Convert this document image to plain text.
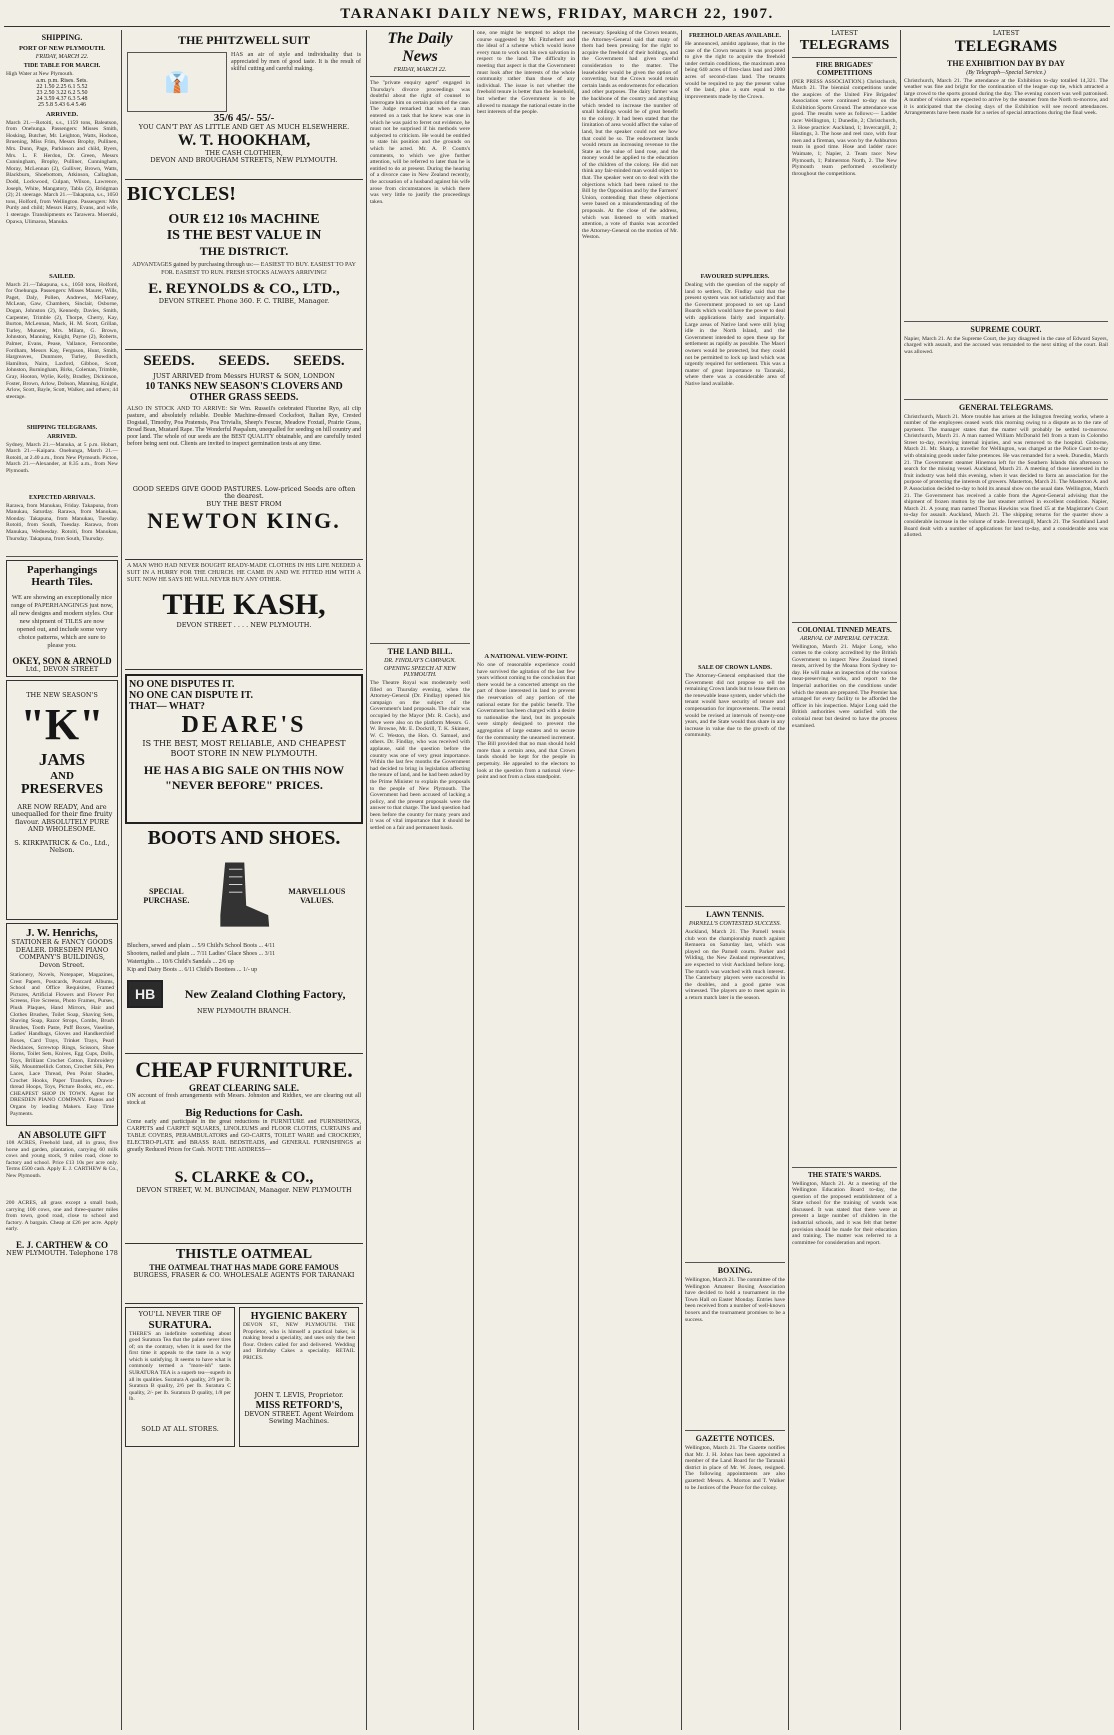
TARANAKI DAILY NEWS, FRIDAY, MARCH 22, 1907.
SHIPPING.
PORT OF NEW PLYMOUTH.
FRIDAY, MARCH 22.
TIDE TABLE FOR MARCH.
High Water at New Plymouth.
a.m. p.m. Rises. Sets.
22 1.50 2.25 6.1 5.52
23 2.50 3.22 6.2 5.50
24 3.59 4.37 6.3 5.48
25 5.8 5.43 6.4 5.46
ARRIVED.
March 21.—Rotoiti, s.s., 1159 tons, Baleatson, from Onehunga. Passengers: Misses Smith, Hosking, Butcher, Mr. Leighton, Watts, Hodson, Bruening, Miss Frim, Messrs Brophy, Pullinen, Mrs. Dunn, Page, Parkinson and child, Byers, Mrs. L. F. Herdon, Dr. Green, Messrs Cunningham, Brophy, Pulliner, Cunningham, Moray, McLennan (2), Gulliver, Brown, Watts, Blackburn, Shoebottom, Atkinson, Callaghan, Dodd, Lockwood, Culpan, Wilson, Lawrence, Joseph, White, Mangatory, Tabla (2), Bridgman (2); 21 steerage. March 21.—Takapuna, s.s., 1050 tons, Holford, from Wellington. Passengers: Mrs Purdy and child; Messrs Harry, Evans, and wife, 1 steerage. Transhipments ex Tarawera. Moeraki, Opawa, Ulimaroa, Manuka.
SAILED.
March 21.—Takapuna, s.s., 1050 tons, Holford, for Onehunga. Passengers: Misses Maurer, Wills, Paget, Daly, Pollen, Andrews, McFlaney, McLean, Gaw, Chambers, Sinclair, Osborne, Dogan, Johnston (2), Kennedy, Davies, Smith, Carpenter, Trimble (2), Thorpe, Cherry, Kay, Burton, McLennan, Mack, H. M. Scott, Grillan, Turley, Munster, Mrs. Milam, G. Brown, Johnston, Manning, Knight, Payne (2), Roberts, Palmer, Evans, Pease, Vallance, Ferncombe, Fordham, Messrs Kay, Ferguson, Hunt, Smith, Hargreaves, Dunmore, Turley, Bowditch, Hamilton, Nairn, Laxford, Gibbon, Scott, Johnston, Burningham, Birks, Coleman, Trimble, Gray, Hooton, Wylie, Kelly, Bradley, Dickinson, Foster, Brown, Arlow, Dobson, Manning, Knight, Arlow, Scott, Bayle, Scott, Walker, and others; 44 steerage.
SHIPPING TELEGRAMS.
ARRIVED.
Sydney, March 21.—Manuka, at 5 p.m. Hobart, March 21.—Kaipara. Onehunga, March 21.—Rotoiti, at 2.40 a.m., from New Plymouth. Picton, March 21.—Alexander, at 8.35 a.m., from New Plymouth.
EXPECTED ARRIVALS.
Rarawa, from Manukau, Friday. Takapuna, from Manukau, Saturday. Rarawa, from Manukau, Monday. Takapuna, from Manukau, Tuesday. Rotoiti, from South, Tuesday. Rarawa, from Manukau, Wednesday. Rotoiti, from Manukau, Thursday. Takapuna, from South, Thursday.
Paperhangings
Hearth Tiles.
WE are showing an exceptionally nice range of PAPERHANGINGS just now, all new designs and modern styles. Our new shipment of TILES are now opened out, and include some very choice patterns, which are sure to please you.
OKEY, SON & ARNOLD
Ltd., DEVON STREET
THE NEW SEASON'S
"K"
JAMS
AND
PRESERVES
ARE NOW READY, And are unequalled for their fine fruity flavour. ABSOLUTELY PURE AND WHOLESOME.
S. KIRKPATRICK & Co., Ltd., Nelson.
J. W. Henrichs,
STATIONER & FANCY GOODS DEALER. DRESDEN PIANO COMPANY'S BUILDINGS, Devon Street.
Stationery, Novels, Notepaper, Magazines, Crest Papers, Postcards, Postcard Albums, School and Office Requisites, Framed Pictures, Artificial Flowers and Flower Pot Screens, Fire Screens, Photo Frames, Purses, Plush Plaques, Hand Mirrors, Hair and Clothes Brushes, Toilet Soap, Shaving Sets, Shaving Soap, Razor Strops, Combs, Brush Brushes, Tooth Paste, Puff Boxes, Vaseline, Ladies' Handbags, Gloves and Handkerchief Boxes, Card Trays, Trinket Trays, Pearl Necklaces, Screwtop Rings, Scissors, Shoe Horns, Toilet Sets, Knives, Egg Cups, Dolls, Toys, Brilliant Crochet Cotton, Embroidery Silk, Mountmellick Cotton, Crochet Silk, Pen Laces, Lace Thread, Pen Point Shades, Crochet Hooks, Paper Transfers, Drawn-thread Hoops, Toys, Picture Books, etc., etc. CHEAPEST SHOP IN TOWN. Agent for DRESDEN PIANO COMPANY. Pianos and Organs by leading Makers. Easy Time Payments.
AN ABSOLUTE GIFT
108 ACRES, Freehold land, all in grass, five horse and garden, plantation, carrying 60 milk cows and young stock, 9 miles road, close to factory and school. Price £13 10s per acre only. Terms £500 cash. Apply E. J. CARTHEW & Co., New Plymouth.
200 ACRES, all grass except a small bush, carrying 100 cows, one and three-quarter miles from town, good road, close to school and factory. A bargain. Cheap at £26 per acre. Apply early.
E. J. CARTHEW & CO
NEW PLYMOUTH. Telephone 178
THE PHITZWELL SUIT
👔
HAS an air of style and individuality that is appreciated by men of good taste. It is the result of skilful cutting and careful making.
35/6 45/- 55/-
YOU CAN'T PAY AS LITTLE AND GET AS MUCH ELSEWHERE.
W. T. HOOKHAM,
THE CASH CLOTHIER,
DEVON AND BROUGHAM STREETS, NEW PLYMOUTH.
BICYCLES!
OUR £12 10s MACHINE
IS THE BEST VALUE IN
THE DISTRICT.
ADVANTAGES gained by purchasing through us:— EASIEST TO BUY. EASIEST TO PAY FOR. EASIEST TO RUN. FRESH STOCKS ALWAYS ARRIVING!
E. REYNOLDS & CO., LTD.,
DEVON STREET. Phone 360. F. C. TRIBE, Manager.
SEEDS. SEEDS. SEEDS.
JUST ARRIVED from Messrs HURST & SON, LONDON
10 TANKS NEW SEASON'S CLOVERS AND OTHER GRASS SEEDS.
ALSO IN STOCK AND TO ARRIVE: Sir Wm. Russell's celebrated Fluorine Ryo, all clip pasture, and absolutely reliable. Double Machine-dressed Cocksfoot, Italian Rye, Crested Dogstail, Timothy, Poa Pratensis, Poa Trivialis, Sheep's Fescue, Meadow Foxtail, Prairie Grass, Broad Bean, Mustard Rape. The Wonderful Paspalum, unequalled for seeding on hill country and poor land. The whole of our seeds are the BEST QUALITY obtainable, and are carefully tested before being sent out. Clients are invited to inspect germination tests at any time.
GOOD SEEDS GIVE GOOD PASTURES. Low-priced Seeds are often the dearest.
BUY THE BEST FROM
NEWTON KING.
A MAN WHO HAD NEVER BOUGHT READY-MADE CLOTHES IN HIS LIFE NEEDED A SUIT IN A HURRY FOR THE CHURCH. HE CAME IN AND WE FITTED HIM WITH A SUIT. NOW HE SAYS HE WILL NEVER BUY ANY OTHER.
THE KASH,
DEVON STREET . . . . NEW PLYMOUTH.
NO ONE DISPUTES IT.
NO ONE CAN DISPUTE IT.
THAT— WHAT?
DEARE'S
IS THE BEST, MOST RELIABLE, AND CHEAPEST BOOT STORE IN NEW PLYMOUTH.
HE HAS A BIG SALE ON THIS NOW "NEVER BEFORE" PRICES.
BOOTS AND SHOES.
SPECIAL PURCHASE.
MARVELLOUS VALUES.
Bluchers, sewed and plain ... 5/9 Child's School Boots ... 4/11
Shooters, nailed and plain ... 7/11 Ladies' Glace Shoes ... 3/11
Watertights ... 10/6 Child's Sandals ... 2/6 up
Kip and Dairy Boots ... 6/11 Child's Boottees ... 1/- up
HB	New Zealand Clothing Factory,
NEW PLYMOUTH BRANCH.
CHEAP FURNITURE.
GREAT CLEARING SALE.
ON account of fresh arrangements with Messrs. Johnston and Riddiex, we are clearing out all stock at
Big Reductions for Cash.
Come early and participate in the great reductions in FURNITURE and FURNISHINGS, CARPETS and CARPET SQUARES, LINOLEUMS and FLOOR CLOTHS, CURTAINS and TABLE COVERS, PERAMBULATORS and GO-CARTS, TOILET WARE and CROCKERY, ELECTRO-PLATE and BRASS RAIL BEDSTEADS, and GENERAL FURNISHINGS at greatly Reduced Prices for Cash. NOTE THE ADDRESS—
S. CLARKE & CO.,
DEVON STREET, W. M. BUNCIMAN, Manager. NEW PLYMOUTH
THISTLE OATMEAL
THE OATMEAL THAT HAS MADE GORE FAMOUS
BURGESS, FRASER & CO. WHOLESALE AGENTS FOR TARANAKI
YOU'LL NEVER TIRE OF
SURATURA.
THERE'S an indefinite something about good Suratura Tea that the palate never tires of; on the contrary, when it is used for the first time it appeals to the taste in a way which is satisfying. It seems to have what is commonly termed a "more-ish" taste. SURATURA TEA is a superb tea—superb in all its qualities. Suratura A quality, 2/9 per lb. Suratura B quality, 2/6 per lb. Suratura C quality, 2/- per lb. Suratura D quality, 1/8 per lb.
SOLD AT ALL STORES.
HYGIENIC BAKERY
DEVON ST., NEW PLYMOUTH. THE Proprietor, who is himself a practical baker, is making bread a speciality, and uses only the best flour. Orders called for and delivered. Wedding and Birthday Cakes a speciality. RETAIL PRICES.
JOHN T. LEVIS, Proprietor.
MISS RETFORD'S,
DEVON STREET. Agent Weirdom Sewing Machines.
The Daily News
FRIDAY, MARCH 22.
The "private enquiry agent" engaged in Thursday's divorce proceedings was doubtful about the right of counsel to interrogate him on certain points of the case. The Judge remarked that when a man entered on a task that he knew was one in which he was paid to ferret out evidence, he must not be surprised if his methods were subjected to criticism. He would be entitled to state his position and the grounds on which he acted. Mr. A. P. Coutts's comments, to which we give further attention, will be referred to later than he is entitled to do at present. During the hearing of a divorce case in New Zealand recently, the accusation of a husband against his wife arose from circumstances in which there was very little to justify the proceedings taken.
THE LAND BILL.
DR. FINDLAY'S CAMPAIGN.
OPENING SPEECH AT NEW PLYMOUTH.
The Theatre Royal was moderately well filled on Thursday evening, when the Attorney-General (Dr. Findlay) opened his campaign on the subject of the Government's land proposals. The chair was occupied by the Mayor (Mr. R. Cock), and there were also on the platform Messrs. G. W. Browne, Mr. E. Dockrill, T. K. Skinner, W. C. Weston, the Hon. O. Samuel, and others. Dr. Findlay, who was received with applause, said the question before the country was one of very great importance. Within the last few months the Government had decided to bring in legislation affecting the tenure of land, and he had been asked by the Prime Minister to explain the proposals to the people of New Plymouth. The Government had been accused of lacking a policy, and the present proposals were the answer to that charge. The land question had been before the country for many years and it was of vital importance that it should be settled on a fair and permanent basis.
one, one might be tempted to adopt the course suggested by Mr. Fitzherbert and the ideal of a scheme which would leave every man to work out his own salvation in respect to the land. The difficulty in meeting that aspect is that the Government must look after the interests of the whole community rather than those of any individual. The issue is not whether the freehold tenure is better than the leasehold, but whether the Government is to be allowed to manage the national estate in the best interests of the people.
A NATIONAL VIEW-POINT.
No one of reasonable experience could have survived the agitation of the last few years without coming to the conclusion that there would be a concerted attempt on the part of those interested in land to prevent the reservation of any portion of the national estate for the public benefit. The Government has been charged with a desire to nationalise the land, but its proposals were simply designed to prevent the aggregation of large estates and to secure for the community the unearned increment. The Bill provided that no man should hold more than a certain area, and that Crown lands should be kept for the people in perpetuity. He appealed to the electors to look at the question from a national view-point and not from a class standpoint.
necessary. Speaking of the Crown tenants, the Attorney-General said that many of them had been pressing for the right to acquire the freehold of their holdings, and the Government had given careful consideration to the matter. The leaseholder would be given the option of converting, but the Crown would retain certain lands as endowments for education and other purposes. The dairy farmer was the backbone of the country and anything which tended to increase the number of small holdings would be of great benefit to the colony. It had been stated that the limitation of area would affect the value of land, but the speaker could not see how that could be so. The endowment lands would return an increasing revenue to the State as the value of land rose, and the money would be applied to the education of the children of the colony. He did not think any fair-minded man would object to that. The speaker went on to deal with the objections which had been raised to the Bill by the Opposition and by the Farmers' Union, contending that these objections were based on a misunderstanding of the proposals. At the close of the address, which was listened to with marked attention, a vote of thanks was accorded the Attorney-General on the motion of Mr. Weston.
FREEHOLD AREAS AVAILABLE.
He announced, amidst applause, that in the case of the Crown tenants it was proposed to give the right to acquire the freehold under certain conditions, the maximum area being 640 acres of first-class land and 2000 acres of second-class land. The tenants would be required to pay the present value of the land, plus a sum equal to the improvements made by the Crown.
FAVOURED SUPPLIERS.
Dealing with the question of the supply of land to settlers, Dr. Findlay said that the present system was not satisfactory and that the Government proposed to set up Land Boards which would have the power to deal with applications fairly and impartially. Large areas of Native land were still lying idle in the North Island, and the Government intended to open these up for settlement as rapidly as possible. The Maori owners would be protected, but they could not be permitted to lock up land which was urgently required for settlement. This was a matter of great importance to Taranaki, where there was a considerable area of Native land available.
SALE OF CROWN LANDS.
The Attorney-General emphasised that the Government did not propose to sell the remaining Crown lands but to lease them on the renewable lease system, under which the tenant would have security of tenure and compensation for improvements. The rental would be revised at intervals of twenty-one years, and the State would thus share in any increase in value due to the growth of the community.
LAWN TENNIS.
PARNELL'S CONTESTED SUCCESS.
Auckland, March 21. The Parnell tennis club won the championship match against Remuera on Saturday last, which was played on the Parnell courts. Parker and Wilding, the New Zealand representatives, are expected to visit Auckland before long. The match was watched with much interest. The Canterbury players were successful in the doubles, and a good game was witnessed. The players are to meet again in a return match later in the season.
BOXING.
Wellington, March 21. The committee of the Wellington Amateur Boxing Association have decided to hold a tournament in the Town Hall on Easter Monday. Entries have been received from a number of well-known boxers and the tournament promises to be a success.
GAZETTE NOTICES.
Wellington, March 21. The Gazette notifies that Mr. J. H. Johns has been appointed a member of the Land Board for the Taranaki district in place of Mr. W. Jones, resigned. The following appointments are also gazetted: Messrs. A. Morton and T. Walker to be Justices of the Peace for the colony.
LATEST
TELEGRAMS
FIRE BRIGADES' COMPETITIONS
(PER PRESS ASSOCIATION.) Christchurch, March 21. The biennial competitions under the auspices of the United Fire Brigades' Association were continued to-day on the Exhibition Sports Ground. The attendance was good. The results were as follows:— Ladder race: Wellington, 1; Dunedin, 2; Christchurch, 3. Hose practice: Auckland, 1; Invercargill, 2; Hastings, 3. The hose and reel race, with four men and a fireman, was won by the Ashburton team in good time. Hose and ladder race: Waimate, 1; Napier, 2. Team race: New Plymouth, 1; Palmerston North, 2. The New Plymouth team performed excellently throughout the competitions.
COLONIAL TINNED MEATS.
ARRIVAL OF IMPERIAL OFFICER.
Wellington, March 21. Major Long, who comes to the colony accredited by the British Government to inspect New Zealand tinned meats, arrived by the Moana from Sydney to-day. He will make an inspection of the various meat-preserving works, and report to the Imperial authorities on the conditions under which the meats are prepared. The Premier has arranged for every facility to be afforded the officer in his inspection. Major Long said the British authorities were satisfied with the colonial meat but desired to have the process examined.
THE STATE'S WARDS.
Wellington, March 21. At a meeting of the Wellington Education Board to-day, the question of the proposed establishment of a State school for the training of wards was discussed. It was stated that there were at present a large number of children in the industrial schools, and it was felt that better provision should be made for their education and training. The matter was referred to a committee for consideration and report.
LATEST
TELEGRAMS
THE EXHIBITION DAY BY DAY
(By Telegraph—Special Service.)
Christchurch, March 21. The attendance at the Exhibition to-day totalled 14,321. The weather was fine and bright for the continuation of the league cup tie, which attracted a large crowd to the sports ground during the day. The evening concert was well patronised. A number of visitors are expected to arrive by the steamer from the North to-morrow, and it is anticipated that the closing days of the Exhibition will see record attendances. Arrangements have been made for a series of special attractions during the final week.
SUPREME COURT.
Napier, March 21. At the Supreme Court, the jury disagreed in the case of Edward Sayers, charged with assault, and the accused was remanded to the next sitting of the court. Bail was allowed.
GENERAL TELEGRAMS.
Christchurch, March 21. More trouble has arisen at the Islington freezing works, where a number of the employees ceased work this morning owing to a dispute as to the rate of payment. The manager states that the matter will probably be settled to-morrow. Christchurch, March 21. A man named William McDonald fell from a tram in Colombo Street to-day, receiving internal injuries, and was removed to the hospital. Gisborne, March 21. Mr. Sharp, a traveller for Wellington, was charged at the Police Court to-day with obtaining goods under false pretences. He was remanded for a week. Dunedin, March 21. The Government steamer Hinemoa left for the Southern Islands this afternoon to search for the missing vessel. Auckland, March 21. A meeting of those interested in the fruit industry was held this evening, when it was decided to form an association for the purpose of protecting the interests of growers. Masterton, March 21. The Masterton A. and P. Association decided to-day to hold its annual show on the usual date. Wellington, March 21. The Government has received a cable from the Agent-General advising that the shipment of frozen mutton by the last steamer arrived in excellent condition. Napier, March 21. A young man named Thomas Hawkins was fined £5 at the Magistrate's Court to-day for assault. Auckland, March 21. The shipping returns for the quarter show a considerable increase in the volume of trade. Invercargill, March 21. The Southland Land Board dealt with a number of applications for land to-day, and a considerable area was allotted.
